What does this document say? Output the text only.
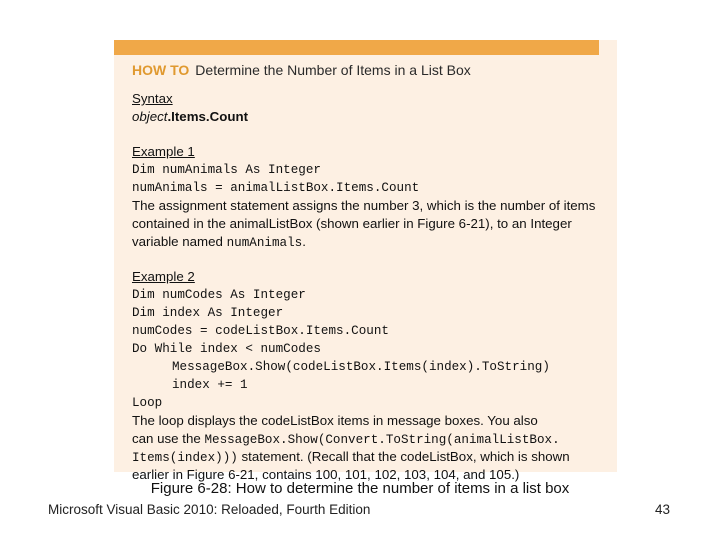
HOW TO Determine the Number of Items in a List Box
Syntax
object.Items.Count
Example 1
Dim numAnimals As Integer
numAnimals = animalListBox.Items.Count
The assignment statement assigns the number 3, which is the number of items
contained in the animalListBox (shown earlier in Figure 6-21), to an Integer
variable named numAnimals.
Example 2
Dim numCodes As Integer
Dim index As Integer
numCodes = codeListBox.Items.Count
Do While index < numCodes
MessageBox.Show(codeListBox.Items(index).ToString)
index += 1
Loop
The loop displays the codeListBox items in message boxes. You also
can use the MessageBox.Show(Convert.ToString(animalListBox.
Items(index))) statement. (Recall that the codeListBox, which is shown
earlier in Figure 6-21, contains 100, 101, 102, 103, 104, and 105.)
Figure 6-28: How to determine the number of items in a list box
Microsoft Visual Basic 2010: Reloaded, Fourth Edition	43
